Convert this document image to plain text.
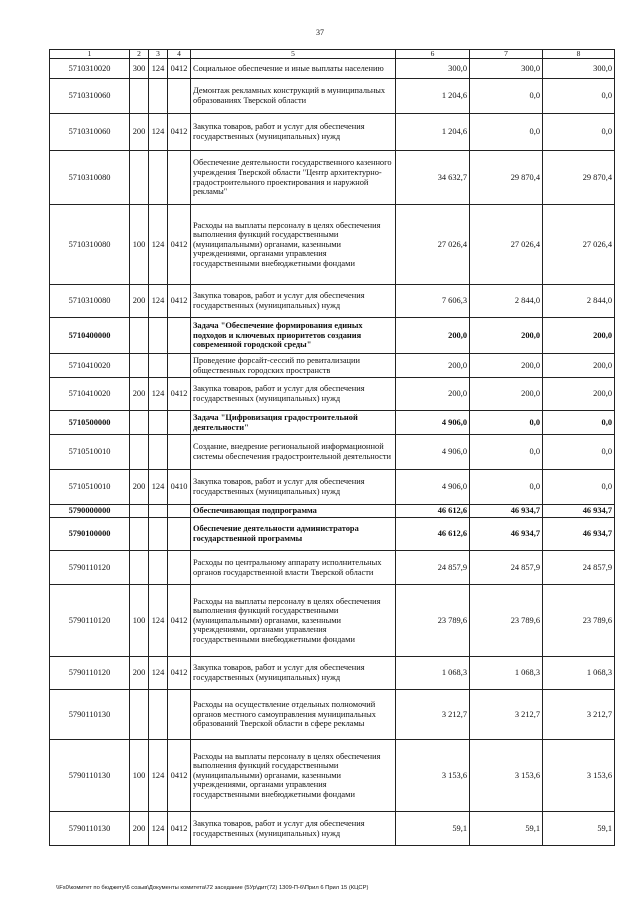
37
1	2	3	4	5	6	7	8
5710310020	300	124	0412	Социальное обеспечение и иные выплаты населению	300,0	300,0	300,0
5710310060				Демонтаж рекламных конструкций в муниципальных образованиях Тверской области	1 204,6	0,0	0,0
5710310060	200	124	0412	Закупка товаров, работ и услуг для обеспечения государственных (муниципальных) нужд	1 204,6	0,0	0,0
5710310080				Обеспечение деятельности государственного казенного учреждения Тверской области "Центр архитектурно-градостроительного проектирования и наружной рекламы"	34 632,7	29 870,4	29 870,4
5710310080	100	124	0412	Расходы на выплаты персоналу в целях обеспечения выполнения функций государственными (муниципальными) органами, казенными учреждениями, органами управления государственными внебюджетными фондами	27 026,4	27 026,4	27 026,4
5710310080	200	124	0412	Закупка товаров, работ и услуг для обеспечения государственных (муниципальных) нужд	7 606,3	2 844,0	2 844,0
5710400000				Задача "Обеспечение формирования единых подходов и ключевых приоритетов создания современной городской среды"	200,0	200,0	200,0
5710410020				Проведение форсайт-сессий по ревитализации общественных городских пространств	200,0	200,0	200,0
5710410020	200	124	0412	Закупка товаров, работ и услуг для обеспечения государственных (муниципальных) нужд	200,0	200,0	200,0
5710500000				Задача "Цифровизация градостроительной деятельности"	4 906,0	0,0	0,0
5710510010				Создание, внедрение региональной информационной системы обеспечения градостроительной деятельности	4 906,0	0,0	0,0
5710510010	200	124	0410	Закупка товаров, работ и услуг для обеспечения государственных (муниципальных) нужд	4 906,0	0,0	0,0
5790000000				Обеспечивающая подпрограмма	46 612,6	46 934,7	46 934,7
5790100000				Обеспечение деятельности администратора государственной программы	46 612,6	46 934,7	46 934,7
5790110120				Расходы по центральному аппарату исполнительных органов государственной власти Тверской области	24 857,9	24 857,9	24 857,9
5790110120	100	124	0412	Расходы на выплаты персоналу в целях обеспечения выполнения функций государственными (муниципальными) органами, казенными учреждениями, органами управления государственными внебюджетными фондами	23 789,6	23 789,6	23 789,6
5790110120	200	124	0412	Закупка товаров, работ и услуг для обеспечения государственных (муниципальных) нужд	1 068,3	1 068,3	1 068,3
5790110130				Расходы на осуществление отдельных полномочий органов местного самоуправления муниципальных образований Тверской области в сфере рекламы	3 212,7	3 212,7	3 212,7
5790110130	100	124	0412	Расходы на выплаты персоналу в целях обеспечения выполнения функций государственными (муниципальными) органами, казенными учреждениями, органами управления государственными внебюджетными фондами	3 153,6	3 153,6	3 153,6
5790110130	200	124	0412	Закупка товаров, работ и услуг для обеспечения государственных (муниципальных) нужд	59,1	59,1	59,1
\\Fs0\комитет по бюджету\6 созыв\Документы комитета\72 заседание (5Ур\дит(72) 1309-П-6\Прил 6 Прил 15 (КЦСР)
